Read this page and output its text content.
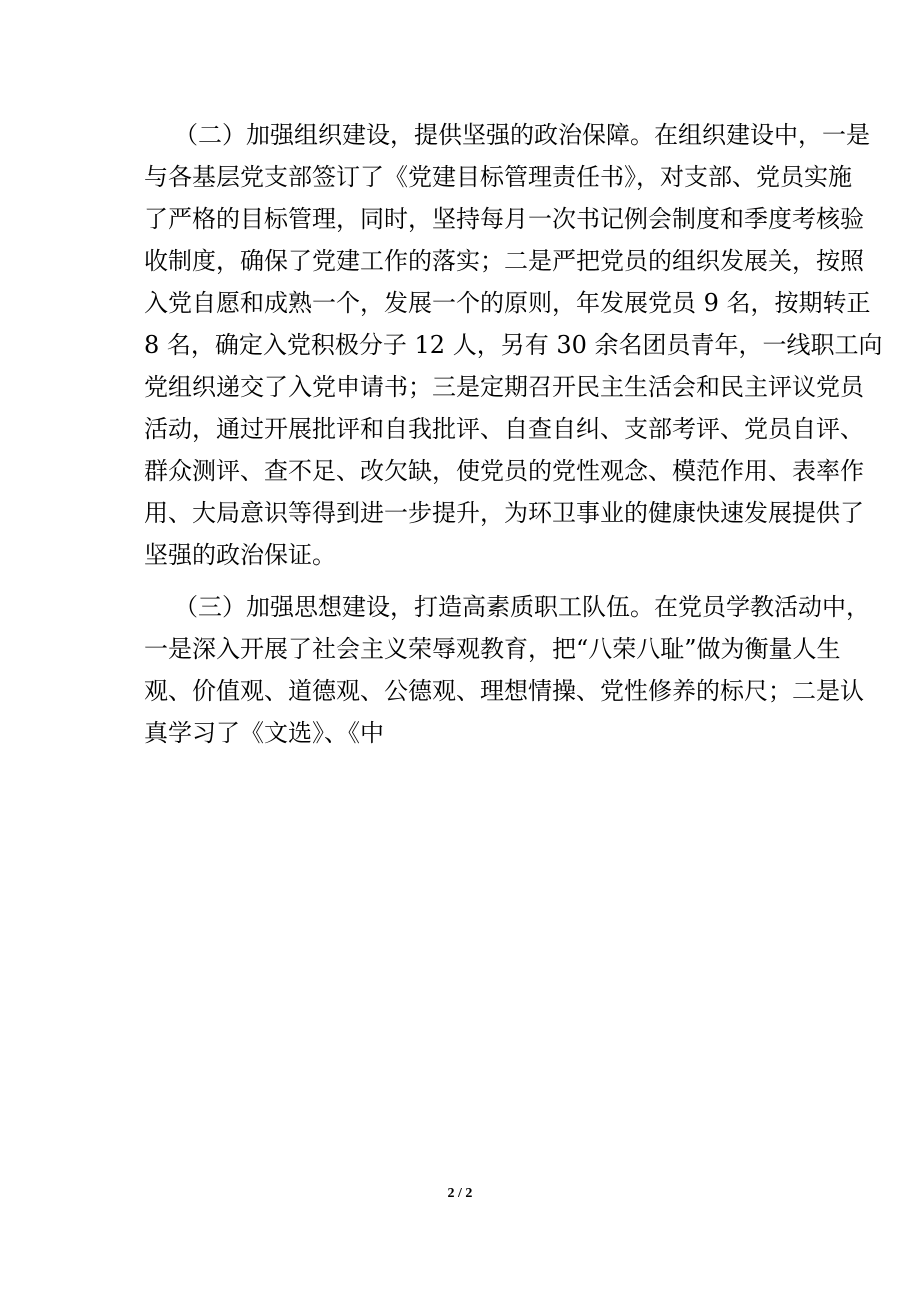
（二）加强组织建设，提供坚强的政治保障。在组织建设中，一是
与各基层党支部签订了《党建目标管理责任书》，对支部、党员实施
了严格的目标管理，同时，坚持每月一次书记例会制度和季度考核验
收制度，确保了党建工作的落实；二是严把党员的组织发展关，按照
入党自愿和成熟一个，发展一个的原则，年发展党员 9 名，按期转正
8 名，确定入党积极分子 12 人，另有 30 余名团员青年，一线职工向
党组织递交了入党申请书；三是定期召开民主生活会和民主评议党员
活动，通过开展批评和自我批评、自查自纠、支部考评、党员自评、
群众测评、查不足、改欠缺，使党员的党性观念、模范作用、表率作
用、大局意识等得到进一步提升，为环卫事业的健康快速发展提供了
坚强的政治保证。
（三）加强思想建设，打造高素质职工队伍。在党员学教活动中，
一是深入开展了社会主义荣辱观教育，把“八荣八耻”做为衡量人生
观、价值观、道德观、公德观、理想情操、党性修养的标尺；二是认
真学习了《文选》、《中
2 / 2
